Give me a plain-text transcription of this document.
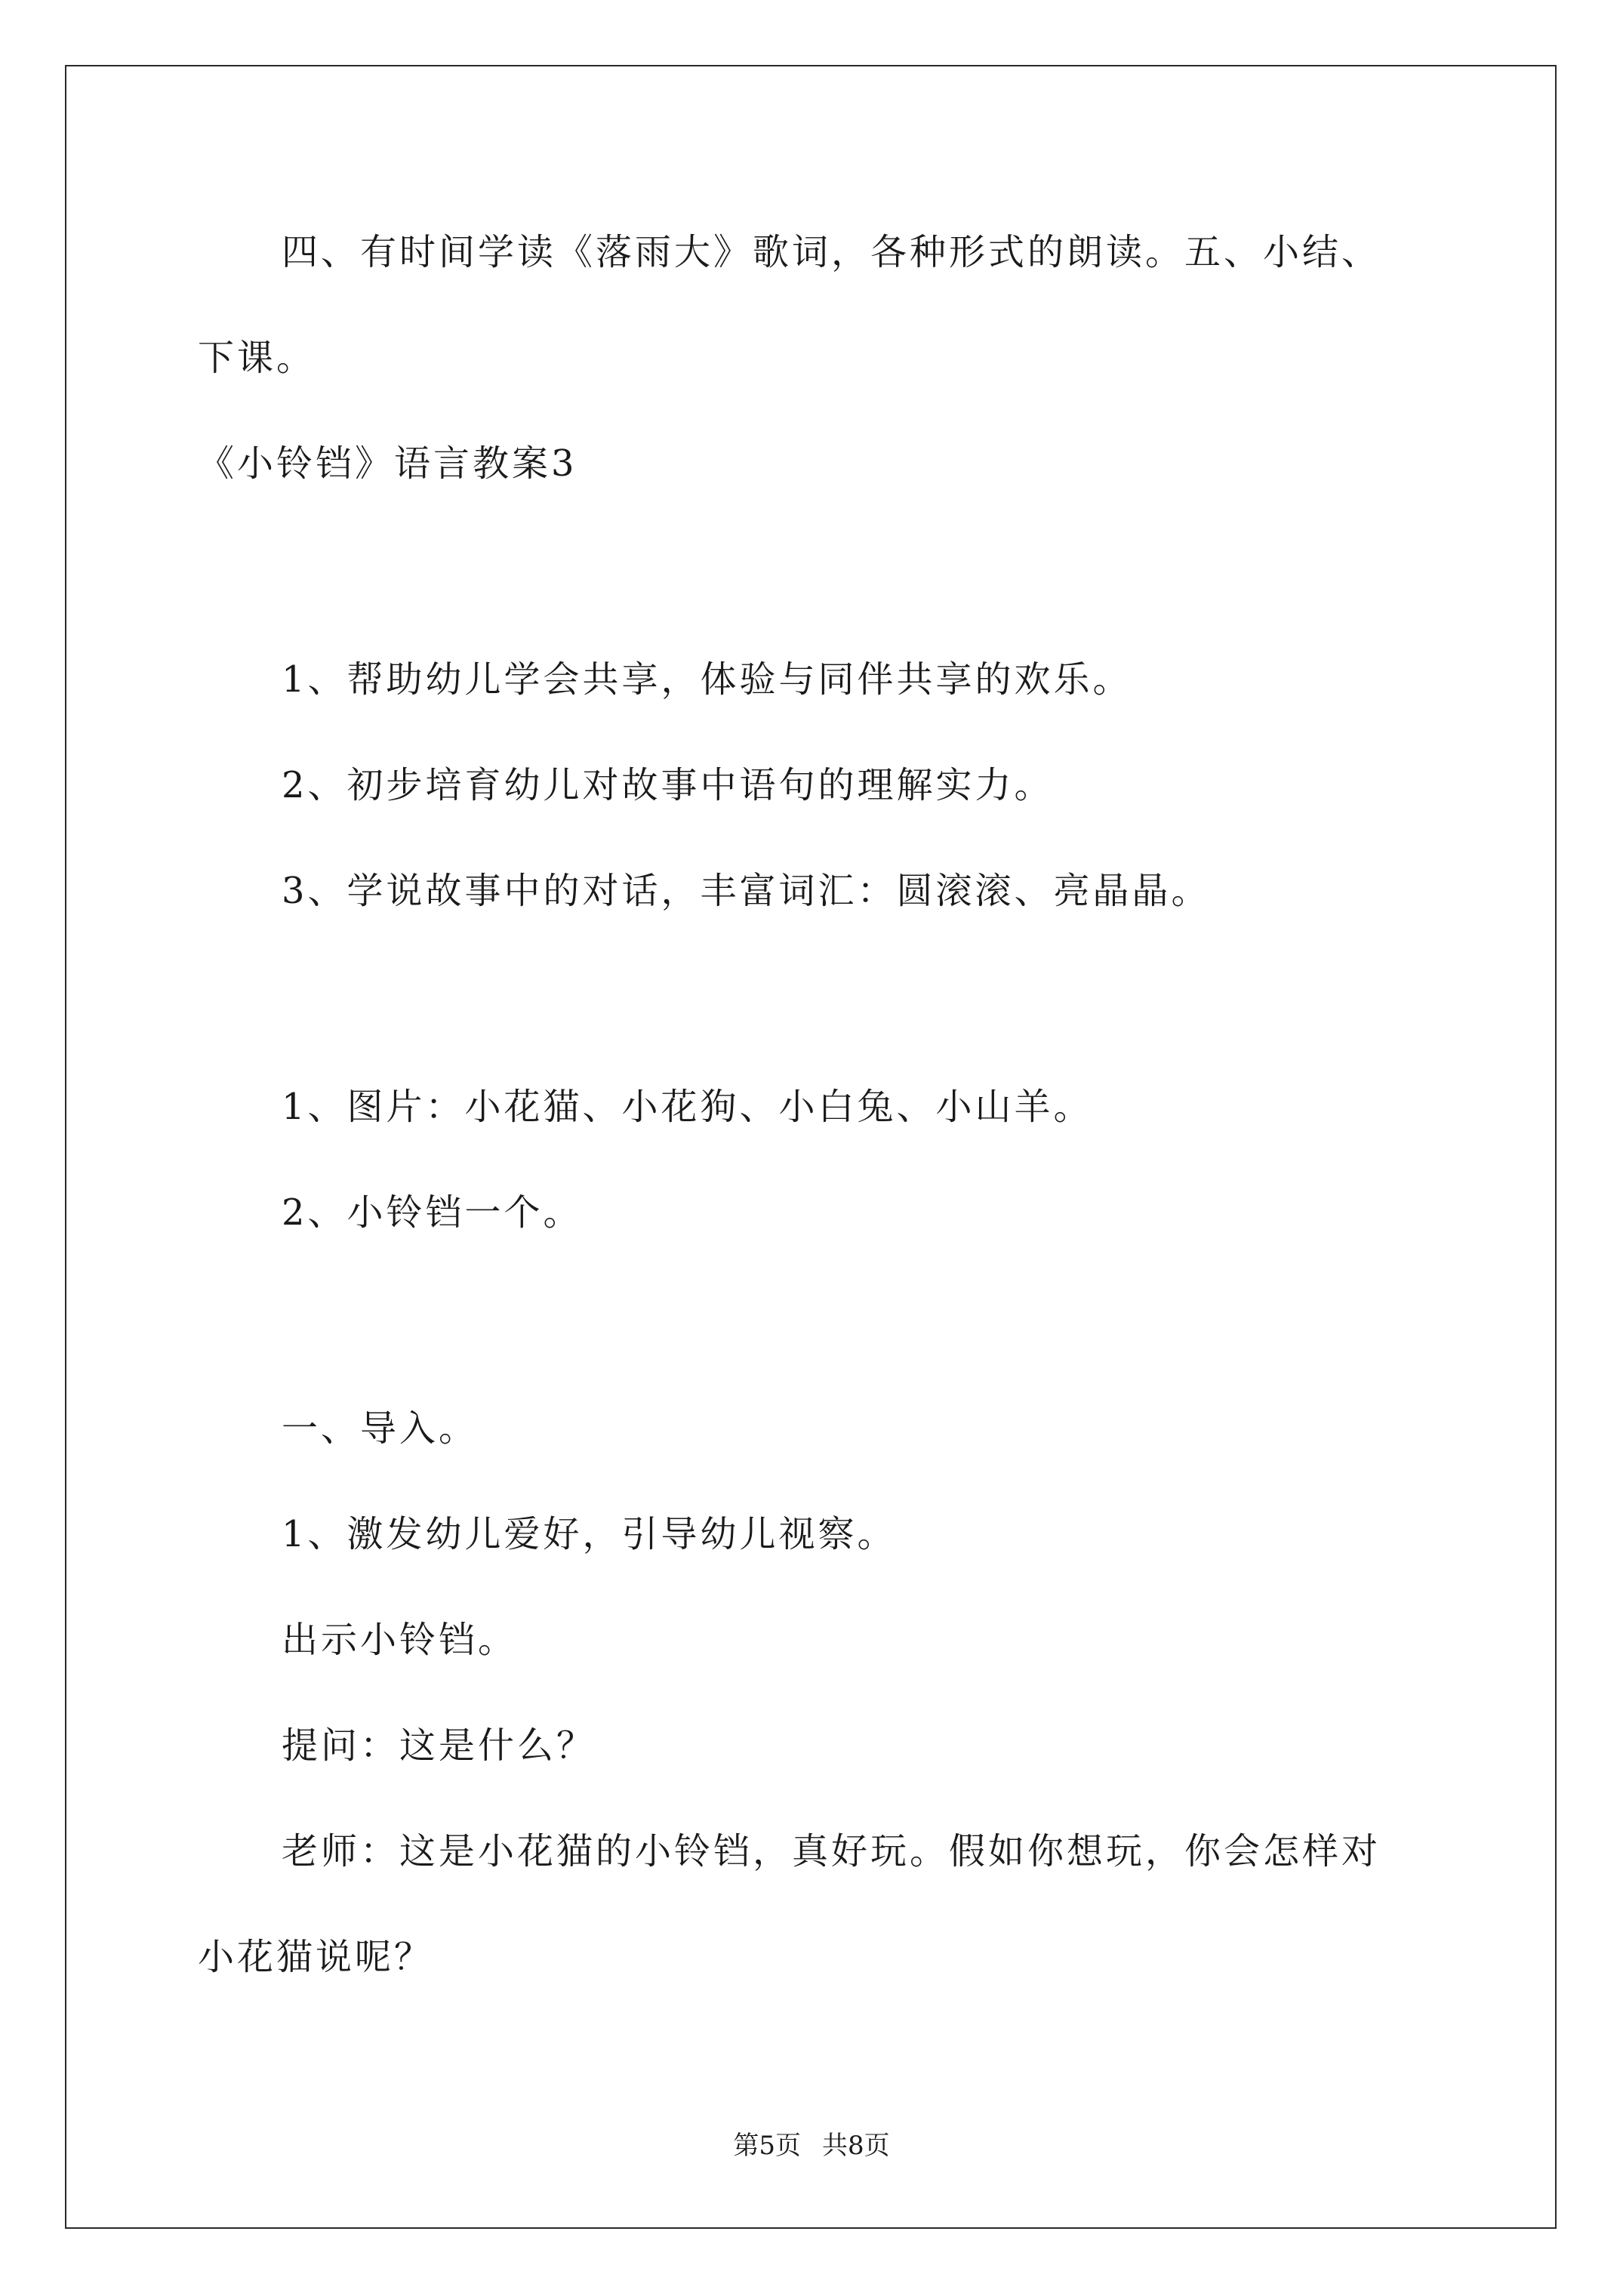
四、有时间学读《落雨大》歌词，各种形式的朗读。五、小结、
下课。
《小铃铛》语言教案3
1、帮助幼儿学会共享，体验与同伴共享的欢乐。
2、初步培育幼儿对故事中语句的理解实力。
3、学说故事中的对话，丰富词汇：圆滚滚、亮晶晶。
1、图片：小花猫、小花狗、小白兔、小山羊。
2、小铃铛一个。
一、导入。
1、激发幼儿爱好，引导幼儿视察。
出示小铃铛。
提问：这是什么？
老师：这是小花猫的小铃铛，真好玩。假如你想玩，你会怎样对
小花猫说呢？
第5页 共8页
